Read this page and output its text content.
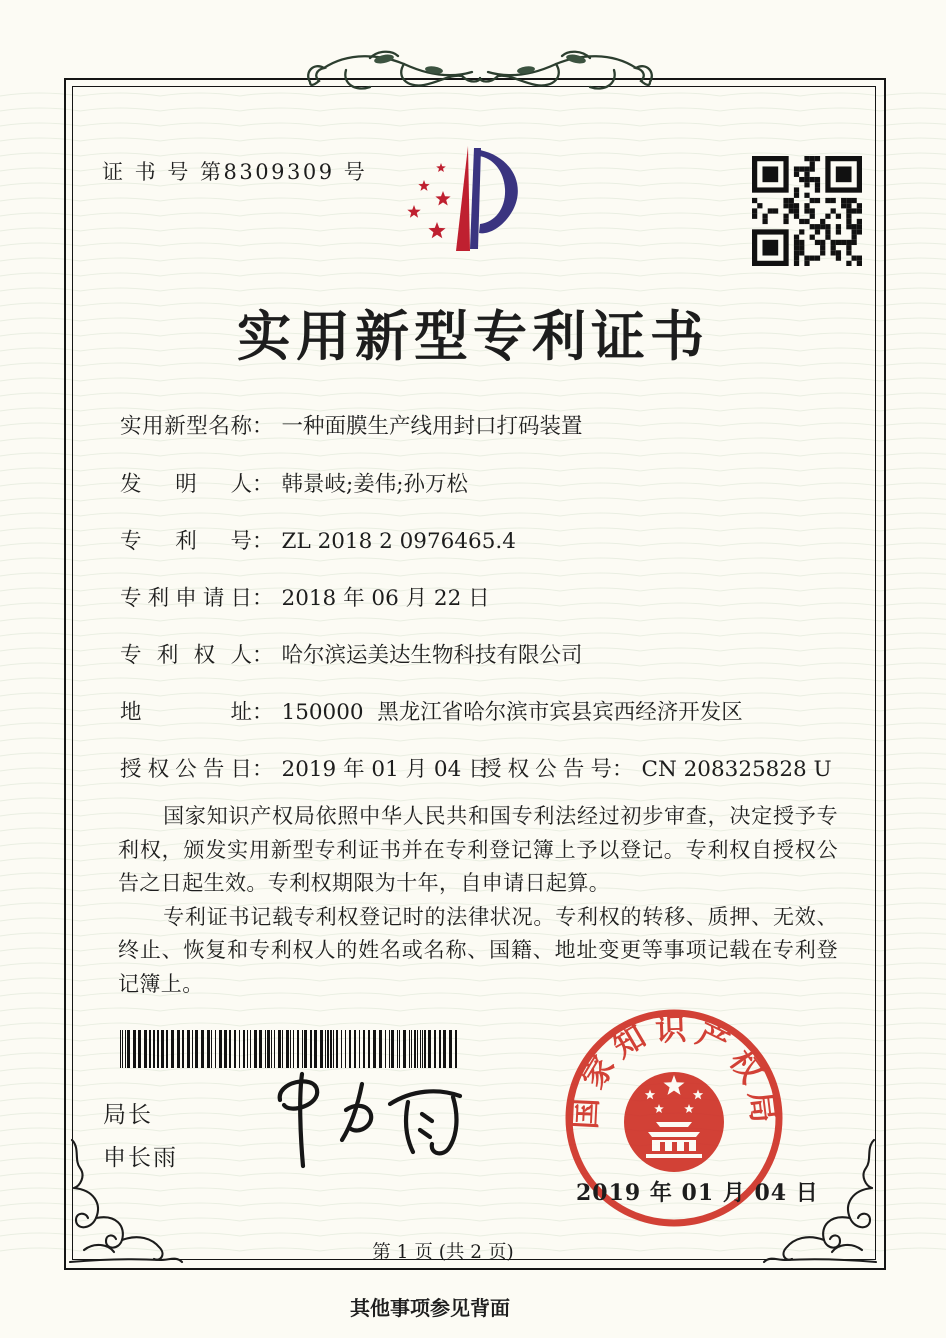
证 书 号 第8309309 号
实用新型专利证书
实用新型名称： 一种面膜生产线用封口打码装置
发明人： 韩景岐;姜伟;孙万松
专利号： ZL 2018 2 0976465.4
专利申请日： 2018 年 06 月 22 日
专利权人： 哈尔滨运美达生物科技有限公司
地址： 150000  黑龙江省哈尔滨市宾县宾西经济开发区
授权公告日： 2019 年 01 月 04 日
授权公告号： CN 208325828 U

国家知识产权局依照中华人民共和国专利法经过初步审查，决定授予专利权，颁发实用新型专利证书并在专利登记簿上予以登记。专利权自授权公告之日起生效。专利权期限为十年，自申请日起算。

专利证书记载专利权登记时的法律状况。专利权的转移、质押、无效、终止、恢复和专利权人的姓名或名称、国籍、地址变更等事项记载在专利登记簿上。

局长
申长雨
国家知识产权局
2019 年 01 月 04 日
第 1 页 (共 2 页)
其他事项参见背面
